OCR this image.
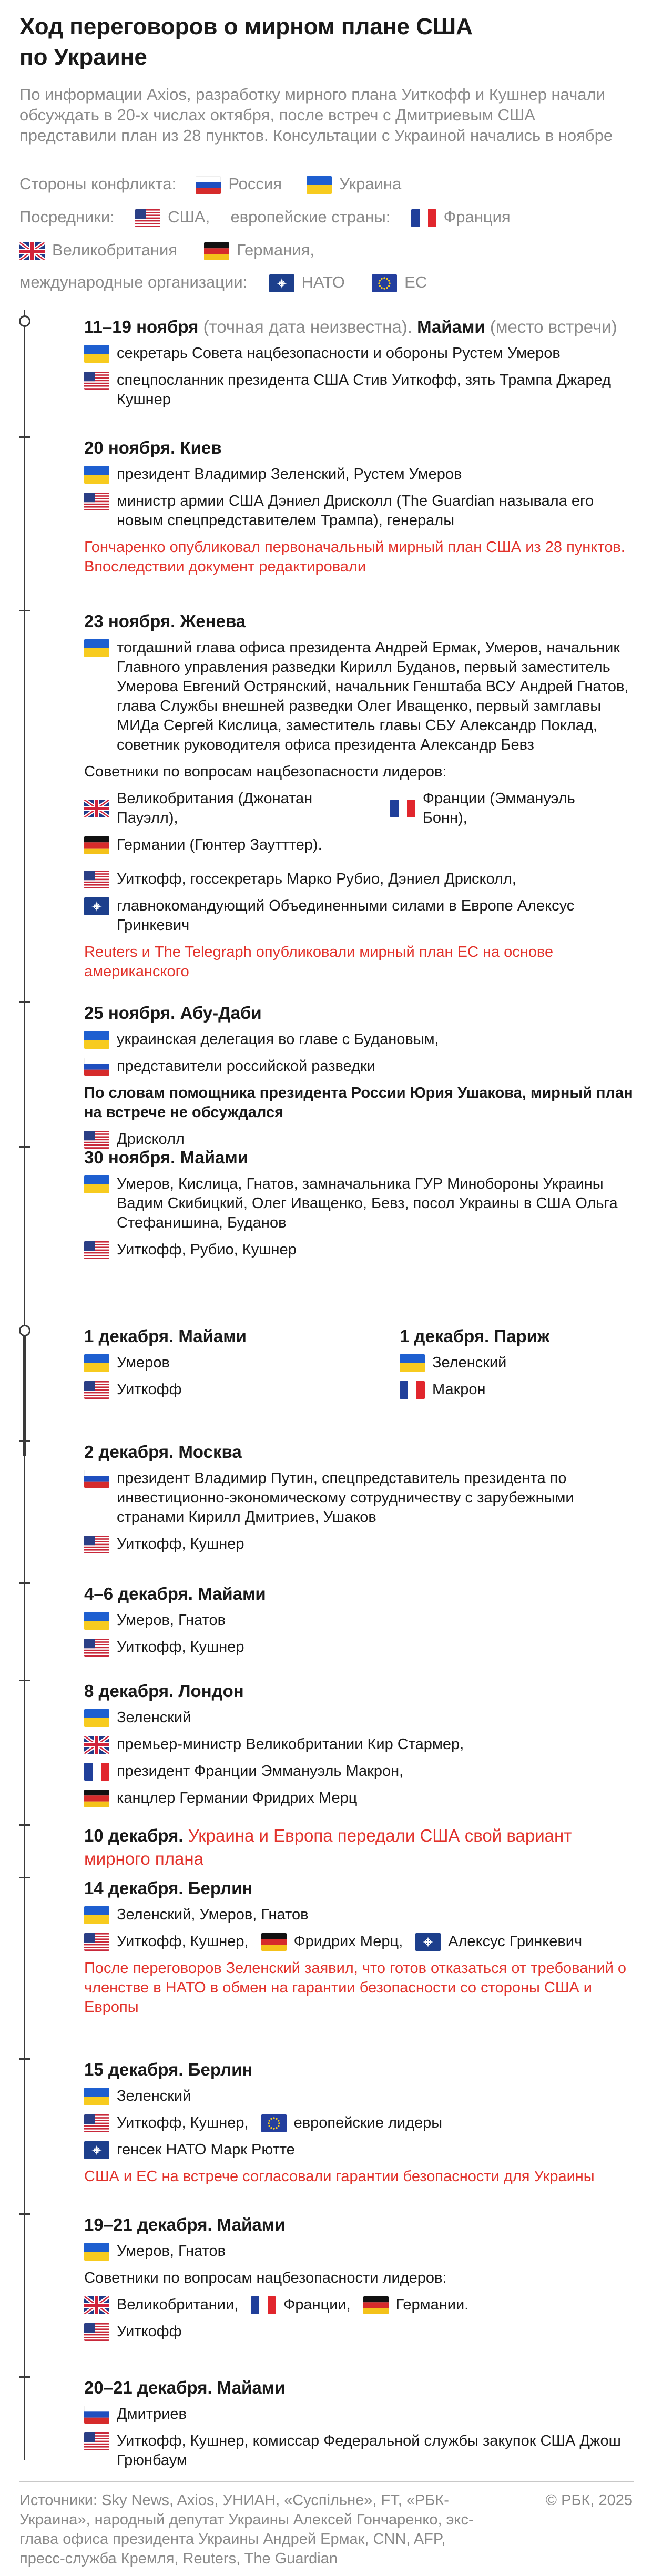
Ход переговоров о мирном плане США по Украине
По информации Axios, разработку мирного плана Уиткофф и Кушнер начали обсуждать в 20-х числах октября, после встреч с Дмитриевым США представили план из 28 пунктов. Консультации с Украиной начались в ноябре
Стороны конфликта:	Россия	Украина
Посредники:	США, европейские страны:	Франция
Великобритания	Германия,
международные организации:	НАТО	ЕС
11–19 ноября (точная дата неизвестна). Майами (место встречи)
секретарь Совета нацбезопасности и обороны Рустем Умеров
спецпосланник президента США Стив Уиткофф, зять Трампа Джаред Кушнер
20 ноября. Киев
президент Владимир Зеленский, Рустем Умеров
министр армии США Дэниел Дрисколл (The Guardian называла его новым спецпредставителем Трампа), генералы
Гончаренко опубликовал первоначальный мирный план США из 28 пунктов. Впоследствии документ редактировали
23 ноября. Женева
тогдашний глава офиса президента Андрей Ермак, Умеров, начальник Главного управления разведки Кирилл Буданов, первый заместитель Умерова Евгений Острянский, начальник Генштаба ВСУ Андрей Гнатов, глава Службы внешней разведки Олег Иващенко, первый замглавы МИДа Сергей Кислица, заместитель главы СБУ Александр Поклад, советник руководителя офиса президента Александр Бевз
Советники по вопросам нацбезопасности лидеров:
Великобритания (Джонатан Пауэлл),
Франции (Эммануэль Бонн),
Германии (Гюнтер Заутттер).
Уиткофф, госсекретарь Марко Рубио, Дэниел Дрисколл,
главнокомандующий Объединенными силами в Европе Алексус Гринкевич
Reuters и The Telegraph опубликовали мирный план ЕС на основе американского
25 ноября. Абу-Даби
украинская делегация во главе с Будановым,
представители российской разведки
По словам помощника президента России Юрия Ушакова, мирный план на встрече не обсуждался
Дрисколл
30 ноября. Майами
Умеров, Кислица, Гнатов, замначальника ГУР Минобороны Украины Вадим Скибицкий, Олег Иващенко, Бевз, посол Украины в США Ольга Стефанишина, Буданов
Уиткофф, Рубио, Кушнер
1 декабря. Майами
Умеров
Уиткофф
1 декабря. Париж
Зеленский
Макрон
2 декабря. Москва
президент Владимир Путин, спецпредставитель президента по инвестиционно-экономическому сотрудничеству с зарубежными странами Кирилл Дмитриев, Ушаков
Уиткофф, Кушнер
4–6 декабря. Майами
Умеров, Гнатов
Уиткофф, Кушнер
8 декабря. Лондон
Зеленский
премьер-министр Великобритании Кир Стармер,
президент Франции Эммануэль Макрон,
канцлер Германии Фридрих Мерц
10 декабря. Украина и Европа передали США свой вариант мирного плана
14 декабря. Берлин
Зеленский, Умеров, Гнатов
Уиткофф, Кушнер,	Фридрих Мерц,	Алексус Гринкевич
После переговоров Зеленский заявил, что готов отказаться от требований о членстве в НАТО в обмен на гарантии безопасности со стороны США и Европы
15 декабря. Берлин
Зеленский
Уиткофф, Кушнер,	европейские лидеры
генсек НАТО Марк Рютте
США и ЕС на встрече согласовали гарантии безопасности для Украины
19–21 декабря. Майами
Умеров, Гнатов
Советники по вопросам нацбезопасности лидеров:
Великобритании,	Франции,	Германии.
Уиткофф
20–21 декабря. Майами
Дмитриев
Уиткофф, Кушнер, комиссар Федеральной службы закупок США Джош Грюнбаум
Источники: Sky News, Axios, УНИАН, «Суспільне», FT, «РБК-Украина», народный депутат Украины Алексей Гончаренко, экс-глава офиса президента Украины Андрей Ермак, CNN, AFP, пресс-служба Кремля, Reuters, The Guardian
© РБК, 2025
